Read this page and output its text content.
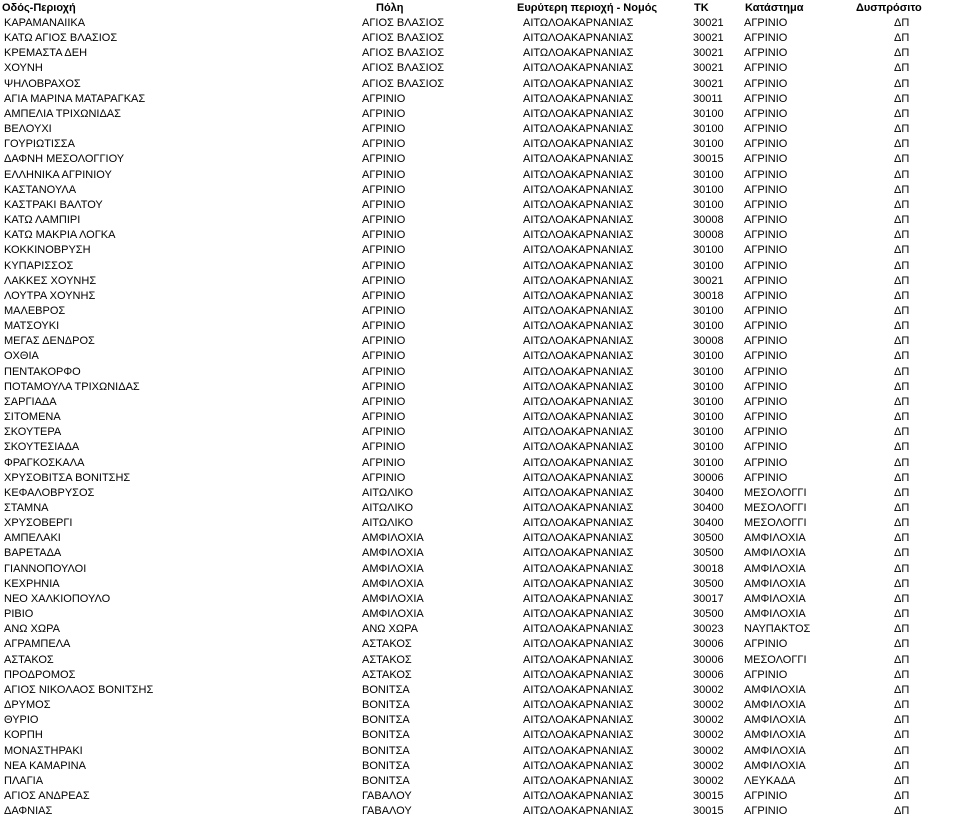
Οδός-Περιοχή	Πόλη	Ευρύτερη περιοχή - Νομός	ΤΚ	Κατάστημα	Δυσπρόσιτο
ΚΑΡΑΜΑΝΑΙΙΚΑ	ΑΓΙΟΣ ΒΛΑΣΙΟΣ	ΑΙΤΩΛΟΑΚΑΡΝΑΝΙΑΣ	30021 ΑΓΡΙΝΙΟ	ΔΠ
ΚΑΤΩ ΑΓΙΟΣ ΒΛΑΣΙΟΣ	ΑΓΙΟΣ ΒΛΑΣΙΟΣ	ΑΙΤΩΛΟΑΚΑΡΝΑΝΙΑΣ	30021 ΑΓΡΙΝΙΟ	ΔΠ
ΚΡΕΜΑΣΤΑ ΔΕΗ	ΑΓΙΟΣ ΒΛΑΣΙΟΣ	ΑΙΤΩΛΟΑΚΑΡΝΑΝΙΑΣ	30021 ΑΓΡΙΝΙΟ	ΔΠ
ΧΟΥΝΗ	ΑΓΙΟΣ ΒΛΑΣΙΟΣ	ΑΙΤΩΛΟΑΚΑΡΝΑΝΙΑΣ	30021 ΑΓΡΙΝΙΟ	ΔΠ
ΨΗΛΟΒΡΑΧΟΣ	ΑΓΙΟΣ ΒΛΑΣΙΟΣ	ΑΙΤΩΛΟΑΚΑΡΝΑΝΙΑΣ	30021 ΑΓΡΙΝΙΟ	ΔΠ
ΑΓΙΑ ΜΑΡΙΝΑ ΜΑΤΑΡΑΓΚΑΣ	ΑΓΡΙΝΙΟ	ΑΙΤΩΛΟΑΚΑΡΝΑΝΙΑΣ	30011 ΑΓΡΙΝΙΟ	ΔΠ
ΑΜΠΕΛΙΑ ΤΡΙΧΩΝΙΔΑΣ	ΑΓΡΙΝΙΟ	ΑΙΤΩΛΟΑΚΑΡΝΑΝΙΑΣ	30100 ΑΓΡΙΝΙΟ	ΔΠ
ΒΕΛΟΥΧΙ	ΑΓΡΙΝΙΟ	ΑΙΤΩΛΟΑΚΑΡΝΑΝΙΑΣ	30100 ΑΓΡΙΝΙΟ	ΔΠ
ΓΟΥΡΙΩΤΙΣΣΑ	ΑΓΡΙΝΙΟ	ΑΙΤΩΛΟΑΚΑΡΝΑΝΙΑΣ	30100 ΑΓΡΙΝΙΟ	ΔΠ
ΔΑΦΝΗ ΜΕΣΟΛΟΓΓΙΟΥ	ΑΓΡΙΝΙΟ	ΑΙΤΩΛΟΑΚΑΡΝΑΝΙΑΣ	30015 ΑΓΡΙΝΙΟ	ΔΠ
ΕΛΛΗΝΙΚΑ ΑΓΡΙΝΙΟΥ	ΑΓΡΙΝΙΟ	ΑΙΤΩΛΟΑΚΑΡΝΑΝΙΑΣ	30100 ΑΓΡΙΝΙΟ	ΔΠ
ΚΑΣΤΑΝΟΥΛΑ	ΑΓΡΙΝΙΟ	ΑΙΤΩΛΟΑΚΑΡΝΑΝΙΑΣ	30100 ΑΓΡΙΝΙΟ	ΔΠ
ΚΑΣΤΡΑΚΙ ΒΑΛΤΟΥ	ΑΓΡΙΝΙΟ	ΑΙΤΩΛΟΑΚΑΡΝΑΝΙΑΣ	30100 ΑΓΡΙΝΙΟ	ΔΠ
ΚΑΤΩ ΛΑΜΠΙΡΙ	ΑΓΡΙΝΙΟ	ΑΙΤΩΛΟΑΚΑΡΝΑΝΙΑΣ	30008 ΑΓΡΙΝΙΟ	ΔΠ
ΚΑΤΩ ΜΑΚΡΙΑ ΛΟΓΚΑ	ΑΓΡΙΝΙΟ	ΑΙΤΩΛΟΑΚΑΡΝΑΝΙΑΣ	30008 ΑΓΡΙΝΙΟ	ΔΠ
ΚΟΚΚΙΝΟΒΡΥΣΗ	ΑΓΡΙΝΙΟ	ΑΙΤΩΛΟΑΚΑΡΝΑΝΙΑΣ	30100 ΑΓΡΙΝΙΟ	ΔΠ
ΚΥΠΑΡΙΣΣΟΣ	ΑΓΡΙΝΙΟ	ΑΙΤΩΛΟΑΚΑΡΝΑΝΙΑΣ	30100 ΑΓΡΙΝΙΟ	ΔΠ
ΛΑΚΚΕΣ ΧΟΥΝΗΣ	ΑΓΡΙΝΙΟ	ΑΙΤΩΛΟΑΚΑΡΝΑΝΙΑΣ	30021 ΑΓΡΙΝΙΟ	ΔΠ
ΛΟΥΤΡΑ ΧΟΥΝΗΣ	ΑΓΡΙΝΙΟ	ΑΙΤΩΛΟΑΚΑΡΝΑΝΙΑΣ	30018 ΑΓΡΙΝΙΟ	ΔΠ
ΜΑΛΕΒΡΟΣ	ΑΓΡΙΝΙΟ	ΑΙΤΩΛΟΑΚΑΡΝΑΝΙΑΣ	30100 ΑΓΡΙΝΙΟ	ΔΠ
ΜΑΤΣΟΥΚΙ	ΑΓΡΙΝΙΟ	ΑΙΤΩΛΟΑΚΑΡΝΑΝΙΑΣ	30100 ΑΓΡΙΝΙΟ	ΔΠ
ΜΕΓΑΣ ΔΕΝΔΡΟΣ	ΑΓΡΙΝΙΟ	ΑΙΤΩΛΟΑΚΑΡΝΑΝΙΑΣ	30008 ΑΓΡΙΝΙΟ	ΔΠ
ΟΧΘΙΑ	ΑΓΡΙΝΙΟ	ΑΙΤΩΛΟΑΚΑΡΝΑΝΙΑΣ	30100 ΑΓΡΙΝΙΟ	ΔΠ
ΠΕΝΤΑΚΟΡΦΟ	ΑΓΡΙΝΙΟ	ΑΙΤΩΛΟΑΚΑΡΝΑΝΙΑΣ	30100 ΑΓΡΙΝΙΟ	ΔΠ
ΠΟΤΑΜΟΥΛΑ ΤΡΙΧΩΝΙΔΑΣ	ΑΓΡΙΝΙΟ	ΑΙΤΩΛΟΑΚΑΡΝΑΝΙΑΣ	30100 ΑΓΡΙΝΙΟ	ΔΠ
ΣΑΡΓΙΑΔΑ	ΑΓΡΙΝΙΟ	ΑΙΤΩΛΟΑΚΑΡΝΑΝΙΑΣ	30100 ΑΓΡΙΝΙΟ	ΔΠ
ΣΙΤΟΜΕΝΑ	ΑΓΡΙΝΙΟ	ΑΙΤΩΛΟΑΚΑΡΝΑΝΙΑΣ	30100 ΑΓΡΙΝΙΟ	ΔΠ
ΣΚΟΥΤΕΡΑ	ΑΓΡΙΝΙΟ	ΑΙΤΩΛΟΑΚΑΡΝΑΝΙΑΣ	30100 ΑΓΡΙΝΙΟ	ΔΠ
ΣΚΟΥΤΕΣΙΑΔΑ	ΑΓΡΙΝΙΟ	ΑΙΤΩΛΟΑΚΑΡΝΑΝΙΑΣ	30100 ΑΓΡΙΝΙΟ	ΔΠ
ΦΡΑΓΚΟΣΚΑΛΑ	ΑΓΡΙΝΙΟ	ΑΙΤΩΛΟΑΚΑΡΝΑΝΙΑΣ	30100 ΑΓΡΙΝΙΟ	ΔΠ
ΧΡΥΣΟΒΙΤΣΑ ΒΟΝΙΤΣΗΣ	ΑΓΡΙΝΙΟ	ΑΙΤΩΛΟΑΚΑΡΝΑΝΙΑΣ	30006 ΑΓΡΙΝΙΟ	ΔΠ
ΚΕΦΑΛΟΒΡΥΣΟΣ	ΑΙΤΩΛΙΚΟ	ΑΙΤΩΛΟΑΚΑΡΝΑΝΙΑΣ	30400 ΜΕΣΟΛΟΓΓΙ	ΔΠ
ΣΤΑΜΝΑ	ΑΙΤΩΛΙΚΟ	ΑΙΤΩΛΟΑΚΑΡΝΑΝΙΑΣ	30400 ΜΕΣΟΛΟΓΓΙ	ΔΠ
ΧΡΥΣΟΒΕΡΓΙ	ΑΙΤΩΛΙΚΟ	ΑΙΤΩΛΟΑΚΑΡΝΑΝΙΑΣ	30400 ΜΕΣΟΛΟΓΓΙ	ΔΠ
ΑΜΠΕΛΑΚΙ	ΑΜΦΙΛΟΧΙΑ	ΑΙΤΩΛΟΑΚΑΡΝΑΝΙΑΣ	30500 ΑΜΦΙΛΟΧΙΑ	ΔΠ
ΒΑΡΕΤΑΔΑ	ΑΜΦΙΛΟΧΙΑ	ΑΙΤΩΛΟΑΚΑΡΝΑΝΙΑΣ	30500 ΑΜΦΙΛΟΧΙΑ	ΔΠ
ΓΙΑΝΝΟΠΟΥΛΟΙ	ΑΜΦΙΛΟΧΙΑ	ΑΙΤΩΛΟΑΚΑΡΝΑΝΙΑΣ	30018 ΑΜΦΙΛΟΧΙΑ	ΔΠ
ΚΕΧΡΗΝΙΑ	ΑΜΦΙΛΟΧΙΑ	ΑΙΤΩΛΟΑΚΑΡΝΑΝΙΑΣ	30500 ΑΜΦΙΛΟΧΙΑ	ΔΠ
ΝΕΟ ΧΑΛΚΙΟΠΟΥΛΟ	ΑΜΦΙΛΟΧΙΑ	ΑΙΤΩΛΟΑΚΑΡΝΑΝΙΑΣ	30017 ΑΜΦΙΛΟΧΙΑ	ΔΠ
ΡΙΒΙΟ	ΑΜΦΙΛΟΧΙΑ	ΑΙΤΩΛΟΑΚΑΡΝΑΝΙΑΣ	30500 ΑΜΦΙΛΟΧΙΑ	ΔΠ
ΑΝΩ ΧΩΡΑ	ΑΝΩ ΧΩΡΑ	ΑΙΤΩΛΟΑΚΑΡΝΑΝΙΑΣ	30023 ΝΑΥΠΑΚΤΟΣ	ΔΠ
ΑΓΡΑΜΠΕΛΑ	ΑΣΤΑΚΟΣ	ΑΙΤΩΛΟΑΚΑΡΝΑΝΙΑΣ	30006 ΑΓΡΙΝΙΟ	ΔΠ
ΑΣΤΑΚΟΣ	ΑΣΤΑΚΟΣ	ΑΙΤΩΛΟΑΚΑΡΝΑΝΙΑΣ	30006 ΜΕΣΟΛΟΓΓΙ	ΔΠ
ΠΡΟΔΡΟΜΟΣ	ΑΣΤΑΚΟΣ	ΑΙΤΩΛΟΑΚΑΡΝΑΝΙΑΣ	30006 ΑΓΡΙΝΙΟ	ΔΠ
ΑΓΙΟΣ ΝΙΚΟΛΑΟΣ ΒΟΝΙΤΣΗΣ	ΒΟΝΙΤΣΑ	ΑΙΤΩΛΟΑΚΑΡΝΑΝΙΑΣ	30002 ΑΜΦΙΛΟΧΙΑ	ΔΠ
ΔΡΥΜΟΣ	ΒΟΝΙΤΣΑ	ΑΙΤΩΛΟΑΚΑΡΝΑΝΙΑΣ	30002 ΑΜΦΙΛΟΧΙΑ	ΔΠ
ΘΥΡΙΟ	ΒΟΝΙΤΣΑ	ΑΙΤΩΛΟΑΚΑΡΝΑΝΙΑΣ	30002 ΑΜΦΙΛΟΧΙΑ	ΔΠ
ΚΟΡΠΗ	ΒΟΝΙΤΣΑ	ΑΙΤΩΛΟΑΚΑΡΝΑΝΙΑΣ	30002 ΑΜΦΙΛΟΧΙΑ	ΔΠ
ΜΟΝΑΣΤΗΡΑΚΙ	ΒΟΝΙΤΣΑ	ΑΙΤΩΛΟΑΚΑΡΝΑΝΙΑΣ	30002 ΑΜΦΙΛΟΧΙΑ	ΔΠ
ΝΕΑ ΚΑΜΑΡΙΝΑ	ΒΟΝΙΤΣΑ	ΑΙΤΩΛΟΑΚΑΡΝΑΝΙΑΣ	30002 ΑΜΦΙΛΟΧΙΑ	ΔΠ
ΠΛΑΓΙΑ	ΒΟΝΙΤΣΑ	ΑΙΤΩΛΟΑΚΑΡΝΑΝΙΑΣ	30002 ΛΕΥΚΑΔΑ	ΔΠ
ΑΓΙΟΣ ΑΝΔΡΕΑΣ	ΓΑΒΑΛΟΥ	ΑΙΤΩΛΟΑΚΑΡΝΑΝΙΑΣ	30015 ΑΓΡΙΝΙΟ	ΔΠ
ΔΑΦΝΙΑΣ	ΓΑΒΑΛΟΥ	ΑΙΤΩΛΟΑΚΑΡΝΑΝΙΑΣ	30015 ΑΓΡΙΝΙΟ	ΔΠ
